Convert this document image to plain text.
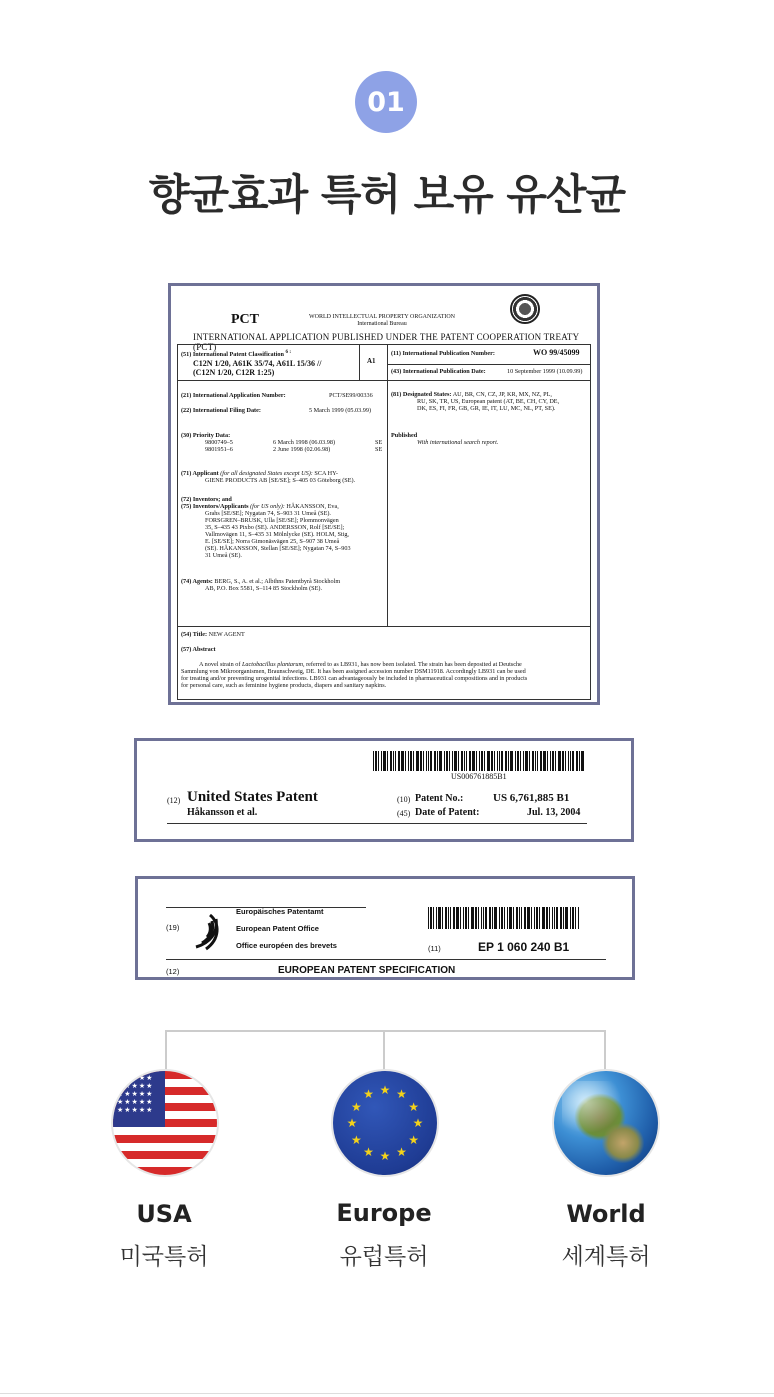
01
향균효과 특허 보유 유산균
PCT	WORLD INTELLECTUAL PROPERTY ORGANIZATION
International Bureau
INTERNATIONAL APPLICATION PUBLISHED UNDER THE PATENT COOPERATION TREATY (PCT)
(51) International Patent Classification $^{6 :}$
C12N 1/20, A61K 35/74, A61L 15/36 //
(C12N 1/20, C12R 1:25)
A1
(11) International Publication Number:	WO 99/45099
(43) International Publication Date:	10 September 1999 (10.09.99)
(21) International Application Number:	PCT/SE99/00336
(22) International Filing Date:	5 March 1999 (05.03.99)
(81) Designated States: AU, BR, CN, CZ, JP, KR, MX, NZ, PL,
RU, SK, TR, US, European patent (AT, BE, CH, CY, DE,
DK, ES, FI, FR, GB, GR, IE, IT, LU, MC, NL, PT, SE).
(30) Priority Data:
9800749–5	6 March 1998 (06.03.98)	SE
9801951–6	2 June 1998 (02.06.98)	SE
Published
With international search report.
(71) Applicant (for all designated States except US): SCA HY-
GIENE PRODUCTS AB [SE/SE]; S–405 03 Göteborg (SE).
(72) Inventors; and
(75) Inventors/Applicants (for US only): HÅKANSSON, Eva,
Grahs [SE/SE]; Nygatan 74, S–903 31 Umeå (SE).
FORSGREN–BRUSK, Ulla [SE/SE]; Plommonvägen
35, S–435 43 Pixbo (SE). ANDERSSON, Rolf [SE/SE];
Vallmovägen 11, S–435 31 Mölnlycke (SE). HOLM, Stig,
E. [SE/SE]; Norra Gimonäsvägen 25, S–907 38 Umeå
(SE). HÅKANSSON, Stellan [SE/SE]; Nygatan 74, S–903
31 Umeå (SE).
(74) Agents: BERG, S., A. et al.; Albihns Patentbyrå Stockholm
AB, P.O. Box 5581, S–114 85 Stockholm (SE).
(54) Title: NEW AGENT
(57) Abstract
A novel strain of Lactobacillus plantarum, referred to as LB931, has now been isolated. The strain has been deposited at Deutsche
Sammlung von Mikroorganismen, Braunschweig, DE. It has been assigned accession number DSM11918. Accordingly LB931 can be used
for treating and/or preventing urogenital infections. LB931 can advantageously be included in pharmaceutical compositions and in products
for personal care, such as feminine hygiene products, diapers and sanitary napkins.
US006761885B1
(12) United States Patent
Håkansson et al.
(10) Patent No.:	US 6,761,885 B1
(45) Date of Patent:	Jul. 13, 2004
(19)
Europäisches Patentamt
European Patent Office
Office européen des brevets	(11)	EP 1 060 240 B1
(12)	EUROPEAN PATENT SPECIFICATION
★★★★★ ★★★★★ ★★★★★ ★★★★★ ★★★★★
★ ★
★
★
★
★
★
★
★
★
★
★
USA
미국특허
Europe
유럽특허
World
세계특허
